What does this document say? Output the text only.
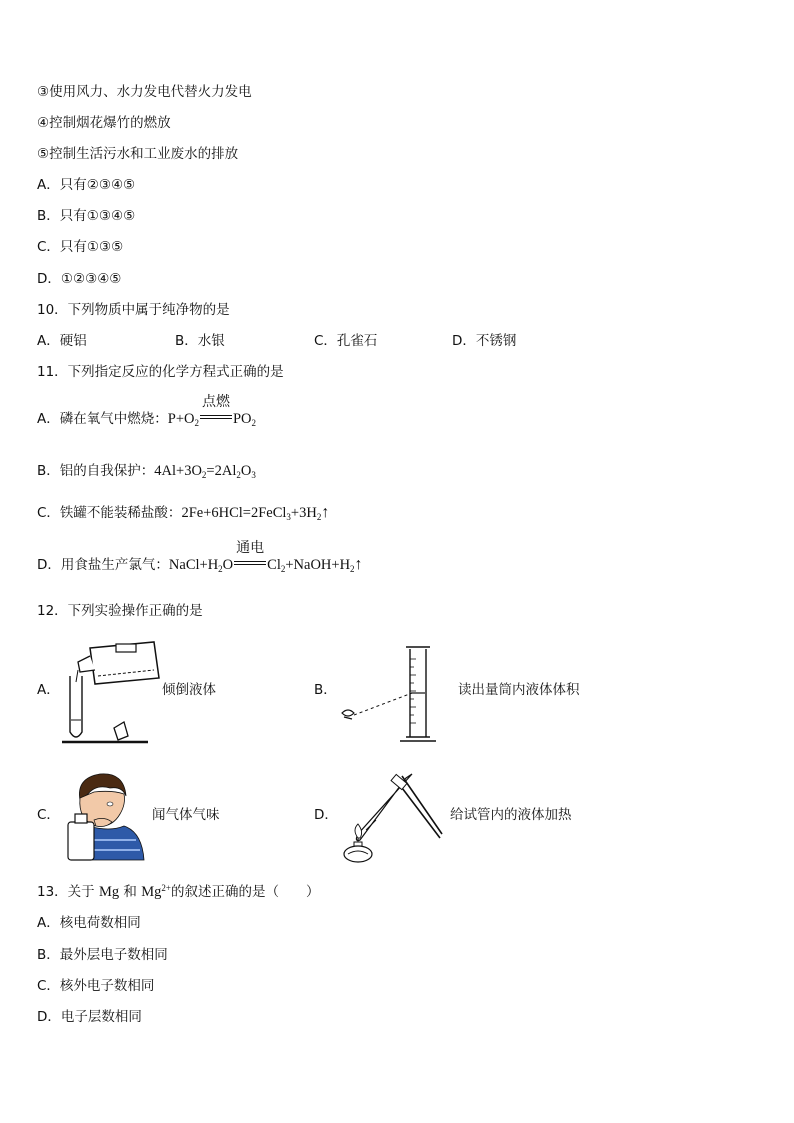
③使用风力、水力发电代替火力发电
④控制烟花爆竹的燃放
⑤控制生活污水和工业废水的排放
A．只有②③④⑤
B．只有①③④⑤
C．只有①③⑤
D．①②③④⑤
10．下列物质中属于纯净物的是
A．硬铝	B．水银	C．孔雀石	D．不锈钢
11．下列指定反应的化学方程式正确的是
A．磷在氧气中燃烧：$P+O_2$
点燃
$PO_2$
B．铝的自我保护：$4Al+3O_2=2Al_2O_3$
C．铁罐不能装稀盐酸：$2Fe+6HCl=2FeCl_3+3H_2↑$
D．用食盐生产氯气：$NaCl+H_2O$
通电
$Cl_2+NaOH+H_2↑$
12．下列实验操作正确的是
A．	倾倒液体	B．	读出量筒内液体体积
C．	闻气体气味	D．	给试管内的液体加热
13．关于 Mg 和 $Mg^{2+}$的叙述正确的是（　　）
A．核电荷数相同
B．最外层电子数相同
C．核外电子数相同
D．电子层数相同
